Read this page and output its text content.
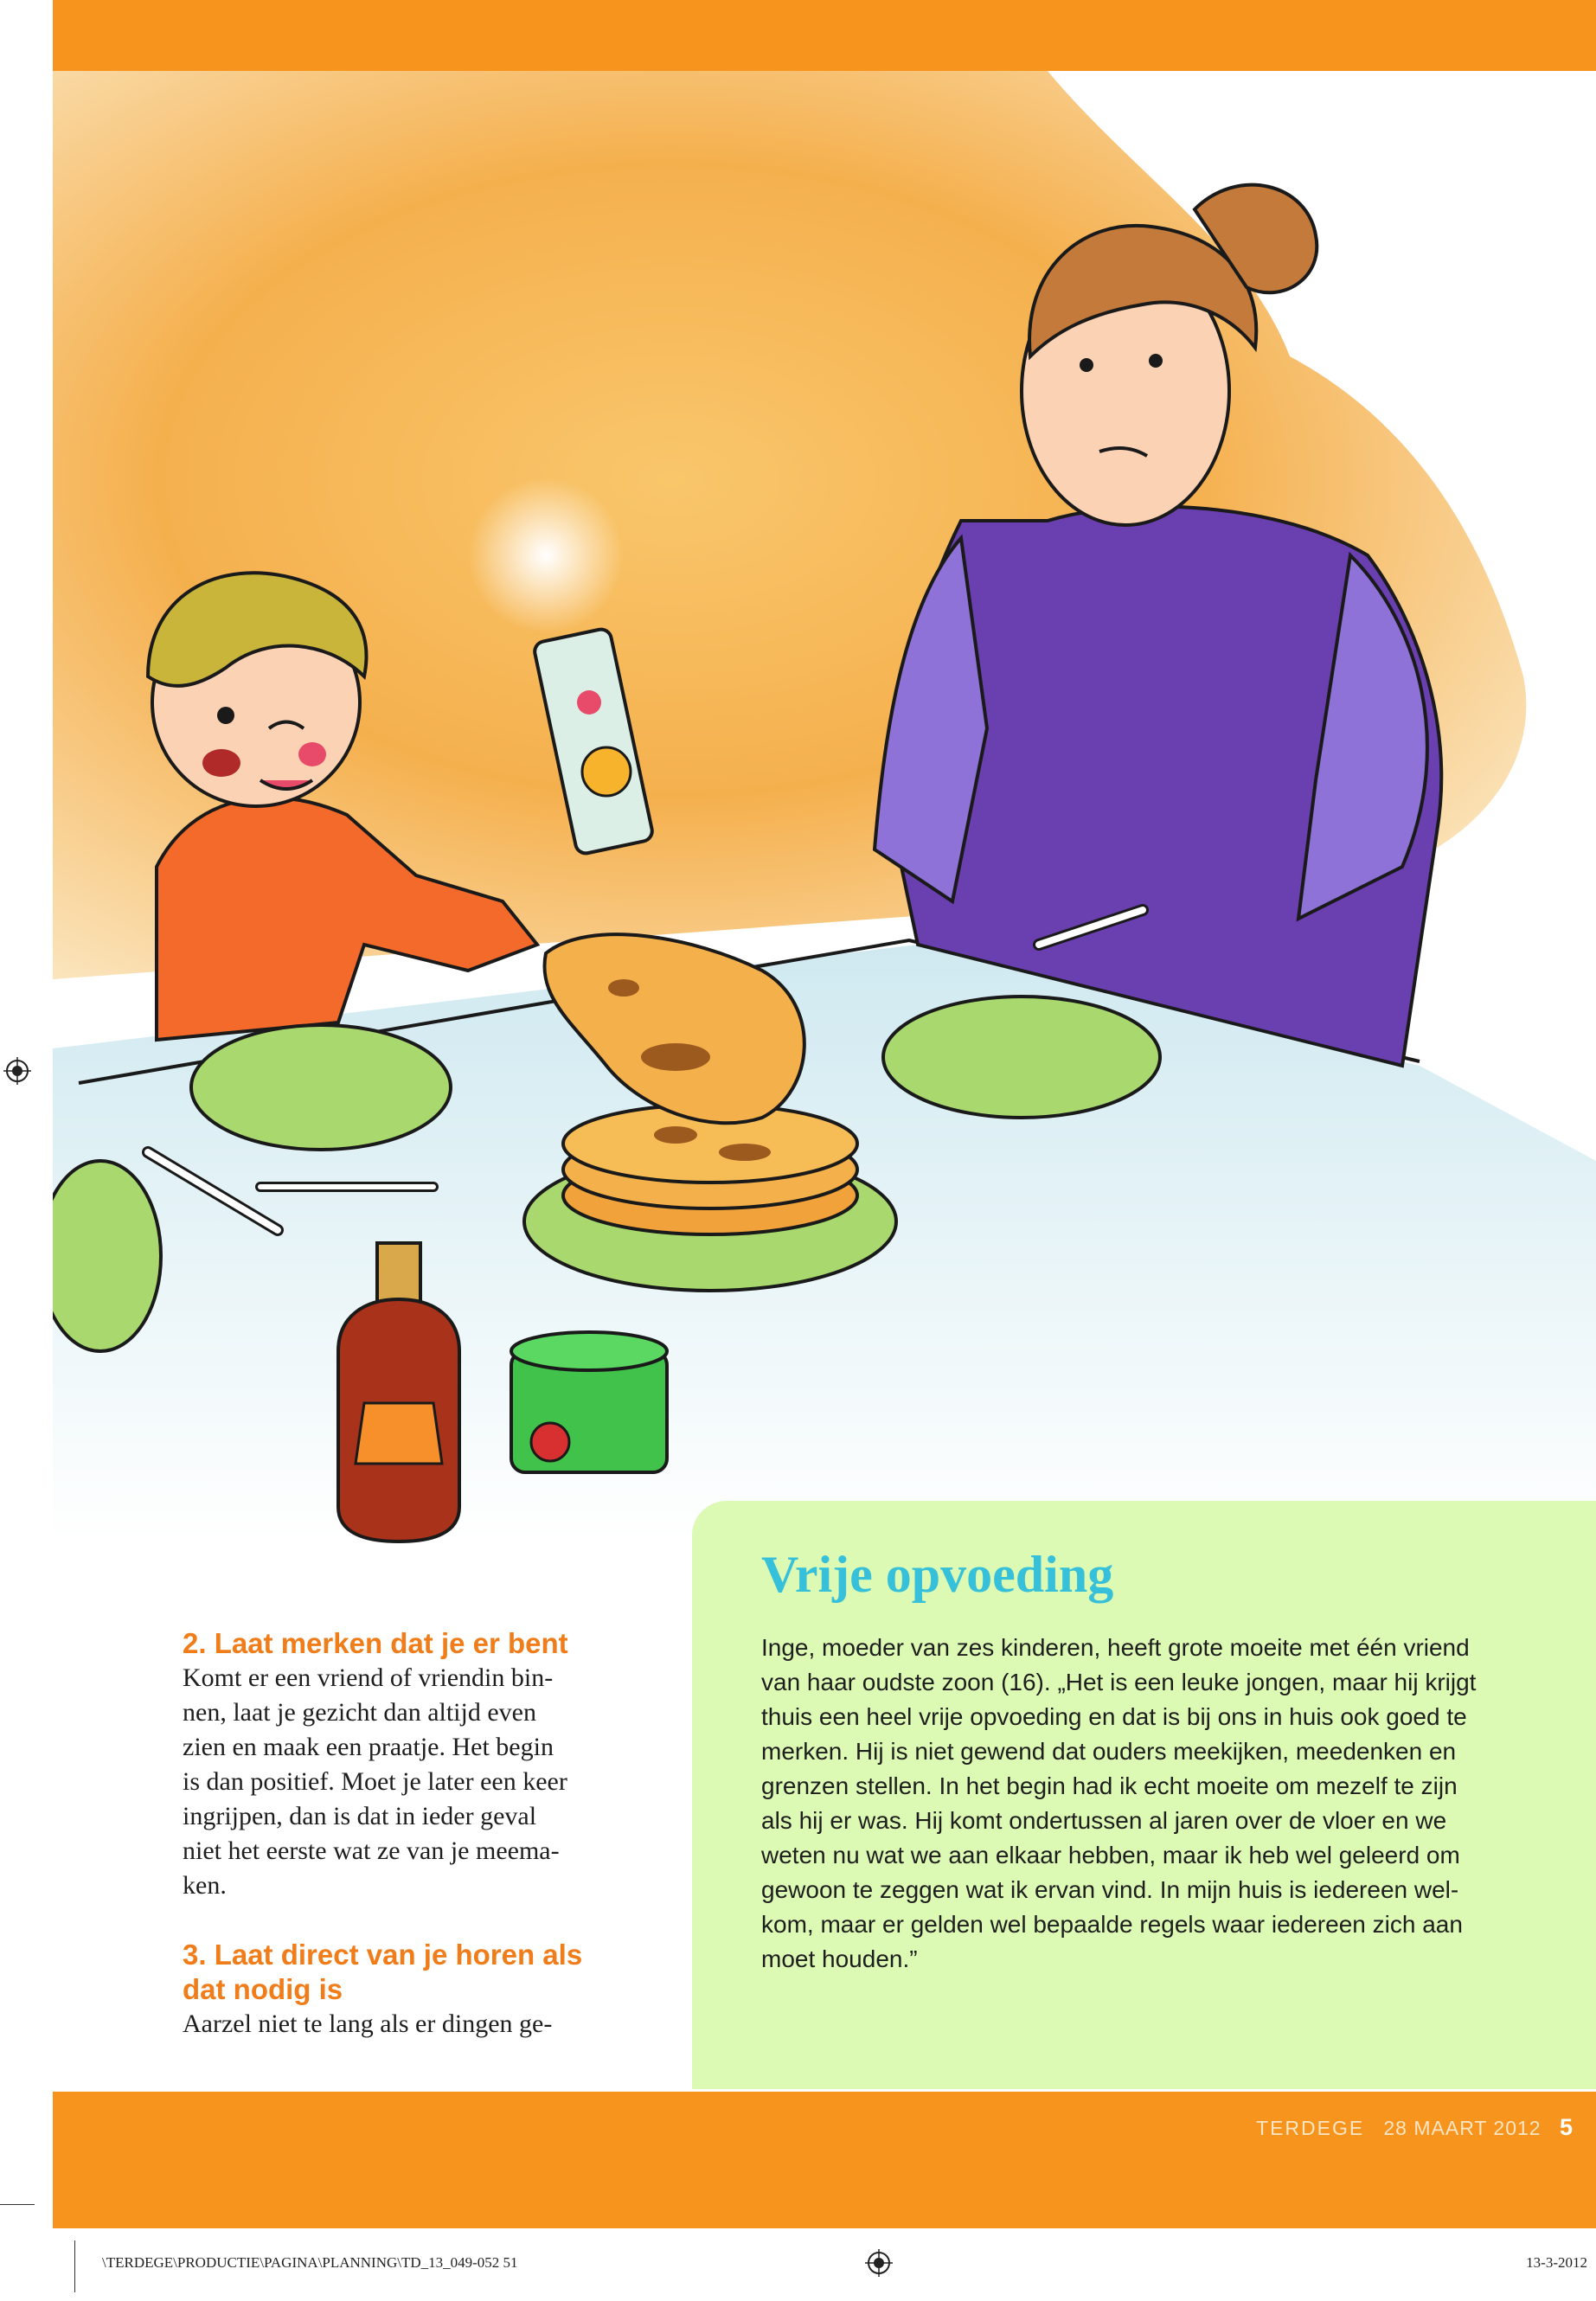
2. Laat merken dat je er bent
Komt er een vriend of vriendin bin-
nen, laat je gezicht dan altijd even
zien en maak een praatje. Het begin
is dan positief. Moet je later een keer
ingrijpen, dan is dat in ieder geval
niet het eerste wat ze van je meema-
ken.
3. Laat direct van je horen als
dat nodig is
Aarzel niet te lang als er dingen ge-
Vrije opvoeding
Inge, moeder van zes kinderen, heeft grote moeite met één vriend
van haar oudste zoon (16). „Het is een leuke jongen, maar hij krijgt
thuis een heel vrije opvoeding en dat is bij ons in huis ook goed te
merken. Hij is niet gewend dat ouders meekijken, meedenken en
grenzen stellen. In het begin had ik echt moeite om mezelf te zijn
als hij er was. Hij komt ondertussen al jaren over de vloer en we
weten nu wat we aan elkaar hebben, maar ik heb wel geleerd om
gewoon te zeggen wat ik ervan vind. In mijn huis is iedereen wel-
kom, maar er gelden wel bepaalde regels waar iedereen zich aan
moet houden.”
TERDEGE 28 MAART 2012 5
\TERDEGE\PRODUCTIE\PAGINA\PLANNING\TD_13_049-052 51	13-3-2012
